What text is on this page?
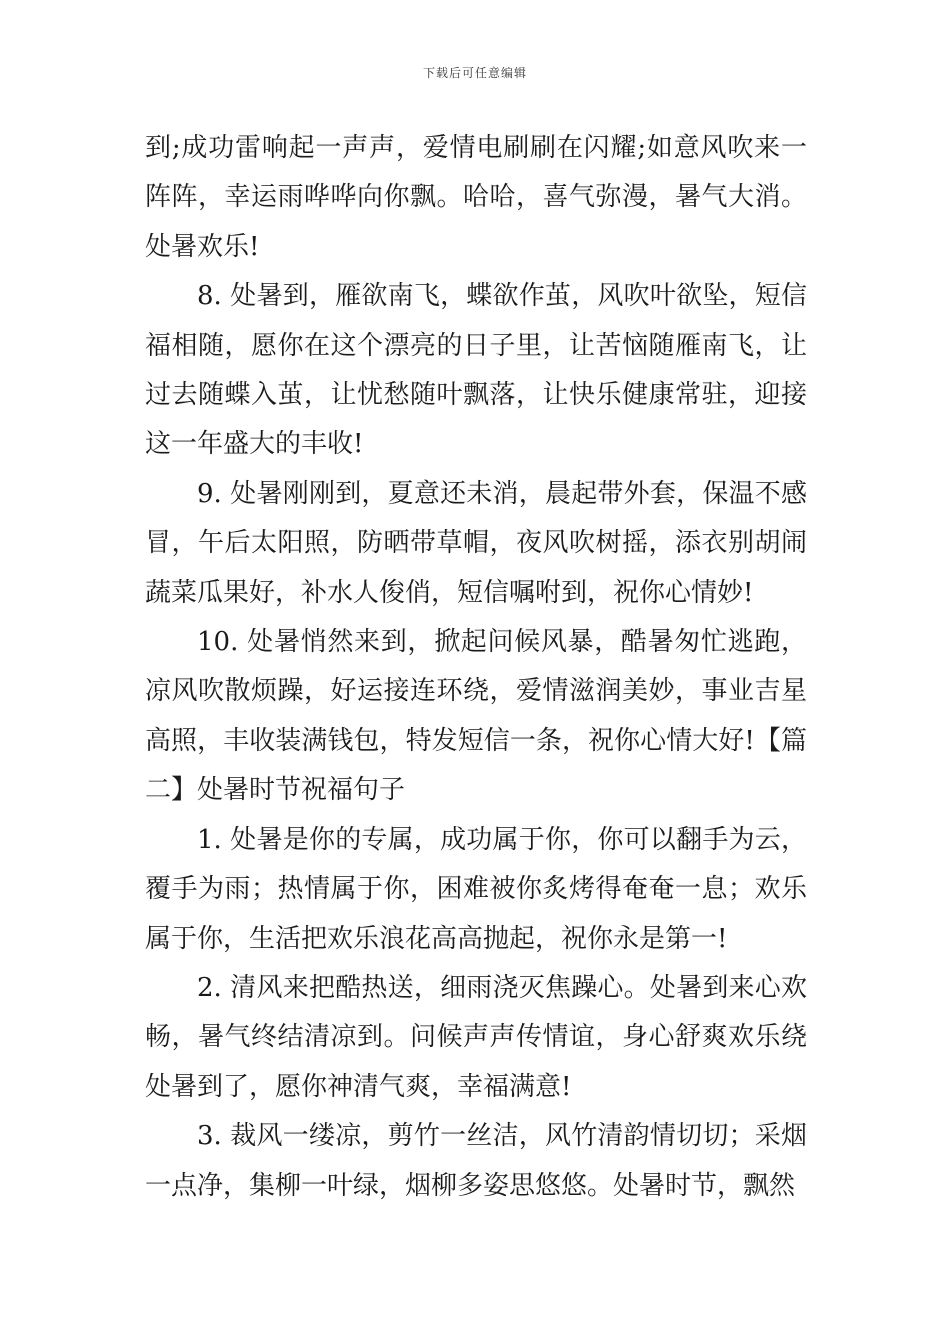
下载后可任意编辑

到;成功雷响起一声声，爱情电刷刷在闪耀;如意风吹来一阵阵，幸运雨哗哗向你飘。哈哈，喜气弥漫，暑气大消。处暑欢乐!

8. 处暑到，雁欲南飞，蝶欲作茧，风吹叶欲坠，短信福相随，愿你在这个漂亮的日子里，让苦恼随雁南飞，让过去随蝶入茧，让忧愁随叶飘落，让快乐健康常驻，迎接这一年盛大的丰收!

9. 处暑刚刚到，夏意还未消，晨起带外套，保温不感冒，午后太阳照，防晒带草帽，夜风吹树摇，添衣别胡闹蔬菜瓜果好，补水人俊俏，短信嘱咐到，祝你心情妙!

10. 处暑悄然来到，掀起问候风暴，酷暑匆忙逃跑，凉风吹散烦躁，好运接连环绕，爱情滋润美妙，事业吉星高照，丰收装满钱包，特发短信一条，祝你心情大好!【篇二】处暑时节祝福句子

1. 处暑是你的专属，成功属于你，你可以翻手为云，覆手为雨；热情属于你，困难被你炙烤得奄奄一息；欢乐属于你，生活把欢乐浪花高高抛起，祝你永是第一!

2. 清风来把酷热送，细雨浇灭焦躁心。处暑到来心欢畅，暑气终结清凉到。问候声声传情谊，身心舒爽欢乐绕处暑到了，愿你神清气爽，幸福满意!

3. 裁风一缕凉，剪竹一丝洁，风竹清韵情切切；采烟一点净，集柳一叶绿，烟柳多姿思悠悠。处暑时节，飘然
